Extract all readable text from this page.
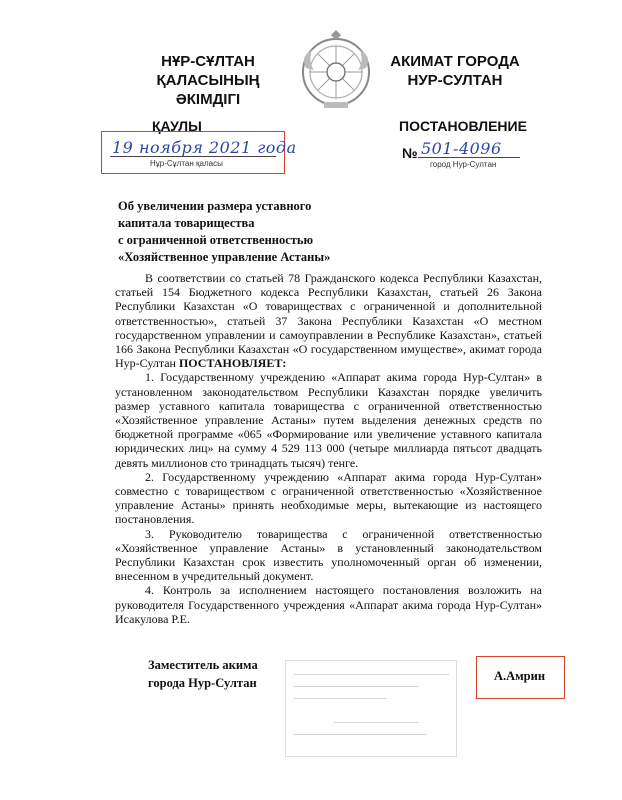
НҰР-СҰЛТАН ҚАЛАСЫНЫҢ
ӘКІМДІГІ
АКИМАТ ГОРОДА
НУР-СУЛТАН
ҚАУЛЫ	ПОСТАНОВЛЕНИЕ
19 ноября 2021 года
Нұр-Сұлтан қаласы
№ 501-4096
город Нур-Султан
Об увеличении размера уставного
капитала товарищества
с ограниченной ответственностью
«Хозяйственное управление Астаны»

В соответствии со статьей 78 Гражданского кодекса Республики Казахстан, статьей 154 Бюджетного кодекса Республики Казахстан, статьей 26 Закона Республики Казахстан «О товариществах с ограниченной и дополнительной ответственностью», статьей 37 Закона Республики Казахстан «О местном государственном управлении и самоуправлении в Республике Казахстан», статьей 166 Закона Республики Казахстан «О государственном имуществе», акимат города Нур-Султан ПОСТАНОВЛЯЕТ:

1. Государственному учреждению «Аппарат акима города Нур-Султан» в установленном законодательством Республики Казахстан порядке увеличить размер уставного капитала товарищества с ограниченной ответственностью «Хозяйственное управление Астаны» путем выделения денежных средств по бюджетной программе «065 «Формирование или увеличение уставного капитала юридических лиц» на сумму 4 529 113 000 (четыре миллиарда пятьсот двадцать девять миллионов сто тринадцать тысяч) тенге.

2. Государственному учреждению «Аппарат акима города Нур-Султан» совместно с товариществом с ограниченной ответственностью «Хозяйственное управление Астаны» принять необходимые меры, вытекающие из настоящего постановления.

3. Руководителю товарищества с ограниченной ответственностью «Хозяйственное управление Астаны» в установленный законодательством Республики Казахстан срок известить уполномоченный орган об изменении, внесенном в учредительный документ.

4. Контроль за исполнением настоящего постановления возложить на руководителя Государственного учреждения «Аппарат акима города Нур-Султан» Исакулова Р.Е.

Заместитель акима
города Нур-Султан	А.Амрин
